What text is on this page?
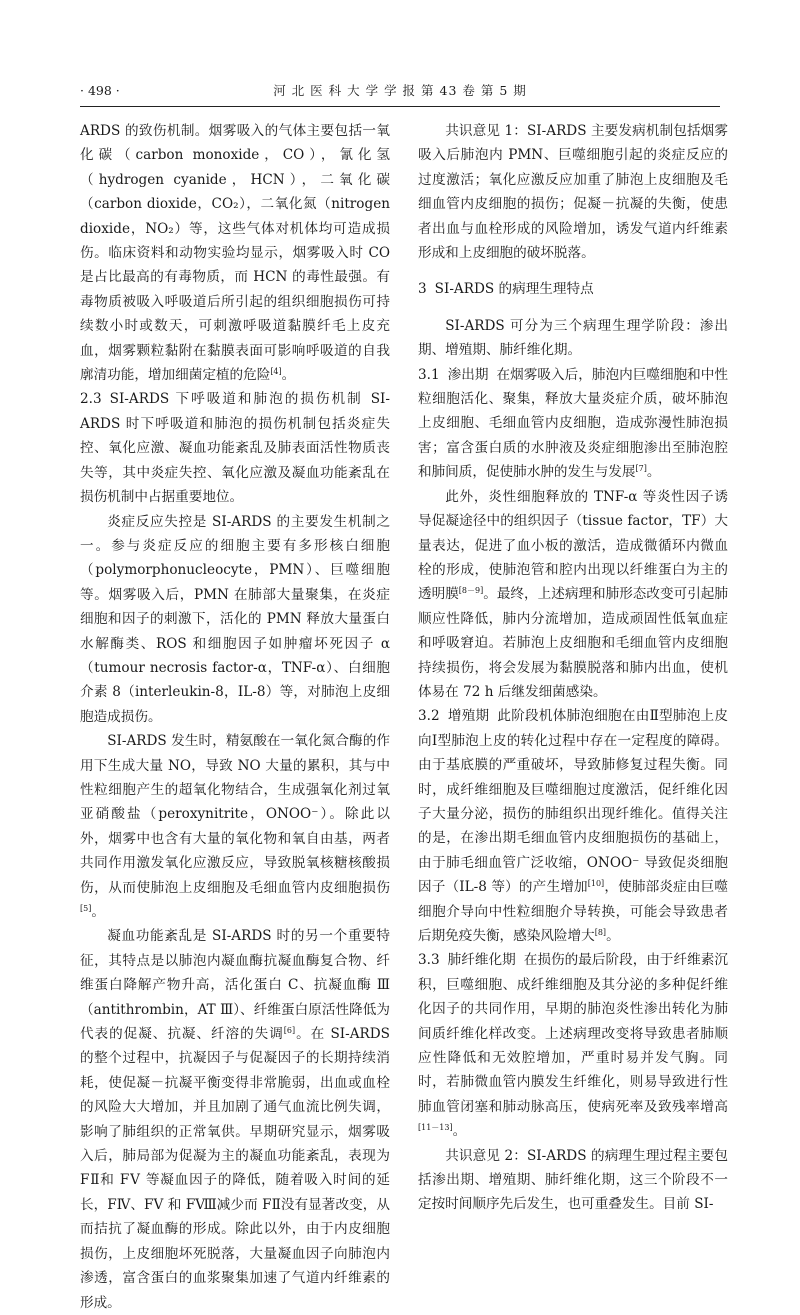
· 498 ·	河 北 医 科 大 学 学 报 第 43 卷 第 5 期

ARDS 的致伤机制。烟雾吸入的气体主要包括一氧化碳（carbon monoxide，CO），氰化氢（hydrogen cyanide，HCN），二氧化碳（carbon dioxide，CO₂），二氧化氮（nitrogen dioxide，NO₂）等，这些气体对机体均可造成损伤。临床资料和动物实验均显示，烟雾吸入时 CO 是占比最高的有毒物质，而 HCN 的毒性最强。有毒物质被吸入呼吸道后所引起的组织细胞损伤可持续数小时或数天，可刺激呼吸道黏膜纤毛上皮充血，烟雾颗粒黏附在黏膜表面可影响呼吸道的自我廓清功能，增加细菌定植的危险[4]。

2.3 SI-ARDS 下呼吸道和肺泡的损伤机制 SI-ARDS 时下呼吸道和肺泡的损伤机制包括炎症失控、氧化应激、凝血功能紊乱及肺表面活性物质丧失等，其中炎症失控、氧化应激及凝血功能紊乱在损伤机制中占据重要地位。

炎症反应失控是 SI-ARDS 的主要发生机制之一。参与炎症反应的细胞主要有多形核白细胞（polymorphonucleocyte，PMN）、巨噬细胞等。烟雾吸入后，PMN 在肺部大量聚集，在炎症细胞和因子的刺激下，活化的 PMN 释放大量蛋白水解酶类、ROS 和细胞因子如肿瘤坏死因子 α（tumour necrosis factor-α，TNF-α）、白细胞介素 8（interleukin-8，IL-8）等，对肺泡上皮细胞造成损伤。

SI-ARDS 发生时，精氨酸在一氧化氮合酶的作用下生成大量 NO，导致 NO 大量的累积，其与中性粒细胞产生的超氧化物结合，生成强氧化剂过氧亚硝酸盐（peroxynitrite，ONOO⁻）。除此以外，烟雾中也含有大量的氧化物和氧自由基，两者共同作用激发氧化应激反应，导致脱氧核糖核酸损伤，从而使肺泡上皮细胞及毛细血管内皮细胞损伤[5]。

凝血功能紊乱是 SI-ARDS 时的另一个重要特征，其特点是以肺泡内凝血酶抗凝血酶复合物、纤维蛋白降解产物升高，活化蛋白 C、抗凝血酶 Ⅲ（antithrombin，AT Ⅲ）、纤维蛋白原活性降低为代表的促凝、抗凝、纤溶的失调[6]。在 SI-ARDS 的整个过程中，抗凝因子与促凝因子的长期持续消耗，使促凝－抗凝平衡变得非常脆弱，出血或血栓的风险大大增加，并且加剧了通气血流比例失调，影响了肺组织的正常氧供。早期研究显示，烟雾吸入后，肺局部为促凝为主的凝血功能紊乱，表现为 FⅡ和 FⅤ 等凝血因子的降低，随着吸入时间的延长，FⅣ、FⅤ 和 FⅧ减少而 FⅡ没有显著改变，从而拮抗了凝血酶的形成。除此以外，由于内皮细胞损伤，上皮细胞坏死脱落，大量凝血因子向肺泡内渗透，富含蛋白的血浆聚集加速了气道内纤维素的形成。

共识意见 1：SI-ARDS 主要发病机制包括烟雾吸入后肺泡内 PMN、巨噬细胞引起的炎症反应的过度激活；氧化应激反应加重了肺泡上皮细胞及毛细血管内皮细胞的损伤；促凝－抗凝的失衡，使患者出血与血栓形成的风险增加，诱发气道内纤维素形成和上皮细胞的破坏脱落。

3 SI-ARDS 的病理生理特点

SI-ARDS 可分为三个病理生理学阶段：渗出期、增殖期、肺纤维化期。

3.1 渗出期 在烟雾吸入后，肺泡内巨噬细胞和中性粒细胞活化、聚集，释放大量炎症介质，破坏肺泡上皮细胞、毛细血管内皮细胞，造成弥漫性肺泡损害；富含蛋白质的水肿液及炎症细胞渗出至肺泡腔和肺间质，促使肺水肿的发生与发展[7]。

此外，炎性细胞释放的 TNF-α 等炎性因子诱导促凝途径中的组织因子（tissue factor，TF）大量表达，促进了血小板的激活，造成微循环内微血栓的形成，使肺泡管和腔内出现以纤维蛋白为主的透明膜[8－9]。最终，上述病理和肺形态改变可引起肺顺应性降低，肺内分流增加，造成顽固性低氧血症和呼吸窘迫。若肺泡上皮细胞和毛细血管内皮细胞持续损伤，将会发展为黏膜脱落和肺内出血，使机体易在 72 h 后继发细菌感染。

3.2 增殖期 此阶段机体肺泡细胞在由Ⅱ型肺泡上皮向Ⅰ型肺泡上皮的转化过程中存在一定程度的障碍。由于基底膜的严重破坏，导致肺修复过程失衡。同时，成纤维细胞及巨噬细胞过度激活，促纤维化因子大量分泌，损伤的肺组织出现纤维化。值得关注的是，在渗出期毛细血管内皮细胞损伤的基础上，由于肺毛细血管广泛收缩，ONOO⁻ 导致促炎细胞因子（IL-8 等）的产生增加[10]，使肺部炎症由巨噬细胞介导向中性粒细胞介导转换，可能会导致患者后期免疫失衡，感染风险增大[8]。

3.3 肺纤维化期 在损伤的最后阶段，由于纤维素沉积，巨噬细胞、成纤维细胞及其分泌的多种促纤维化因子的共同作用，早期的肺泡炎性渗出转化为肺间质纤维化样改变。上述病理改变将导致患者肺顺应性降低和无效腔增加，严重时易并发气胸。同时，若肺微血管内膜发生纤维化，则易导致进行性肺血管闭塞和肺动脉高压，使病死率及致残率增高[11－13]。

共识意见 2：SI-ARDS 的病理生理过程主要包括渗出期、增殖期、肺纤维化期，这三个阶段不一定按时间顺序先后发生，也可重叠发生。目前 SI-
